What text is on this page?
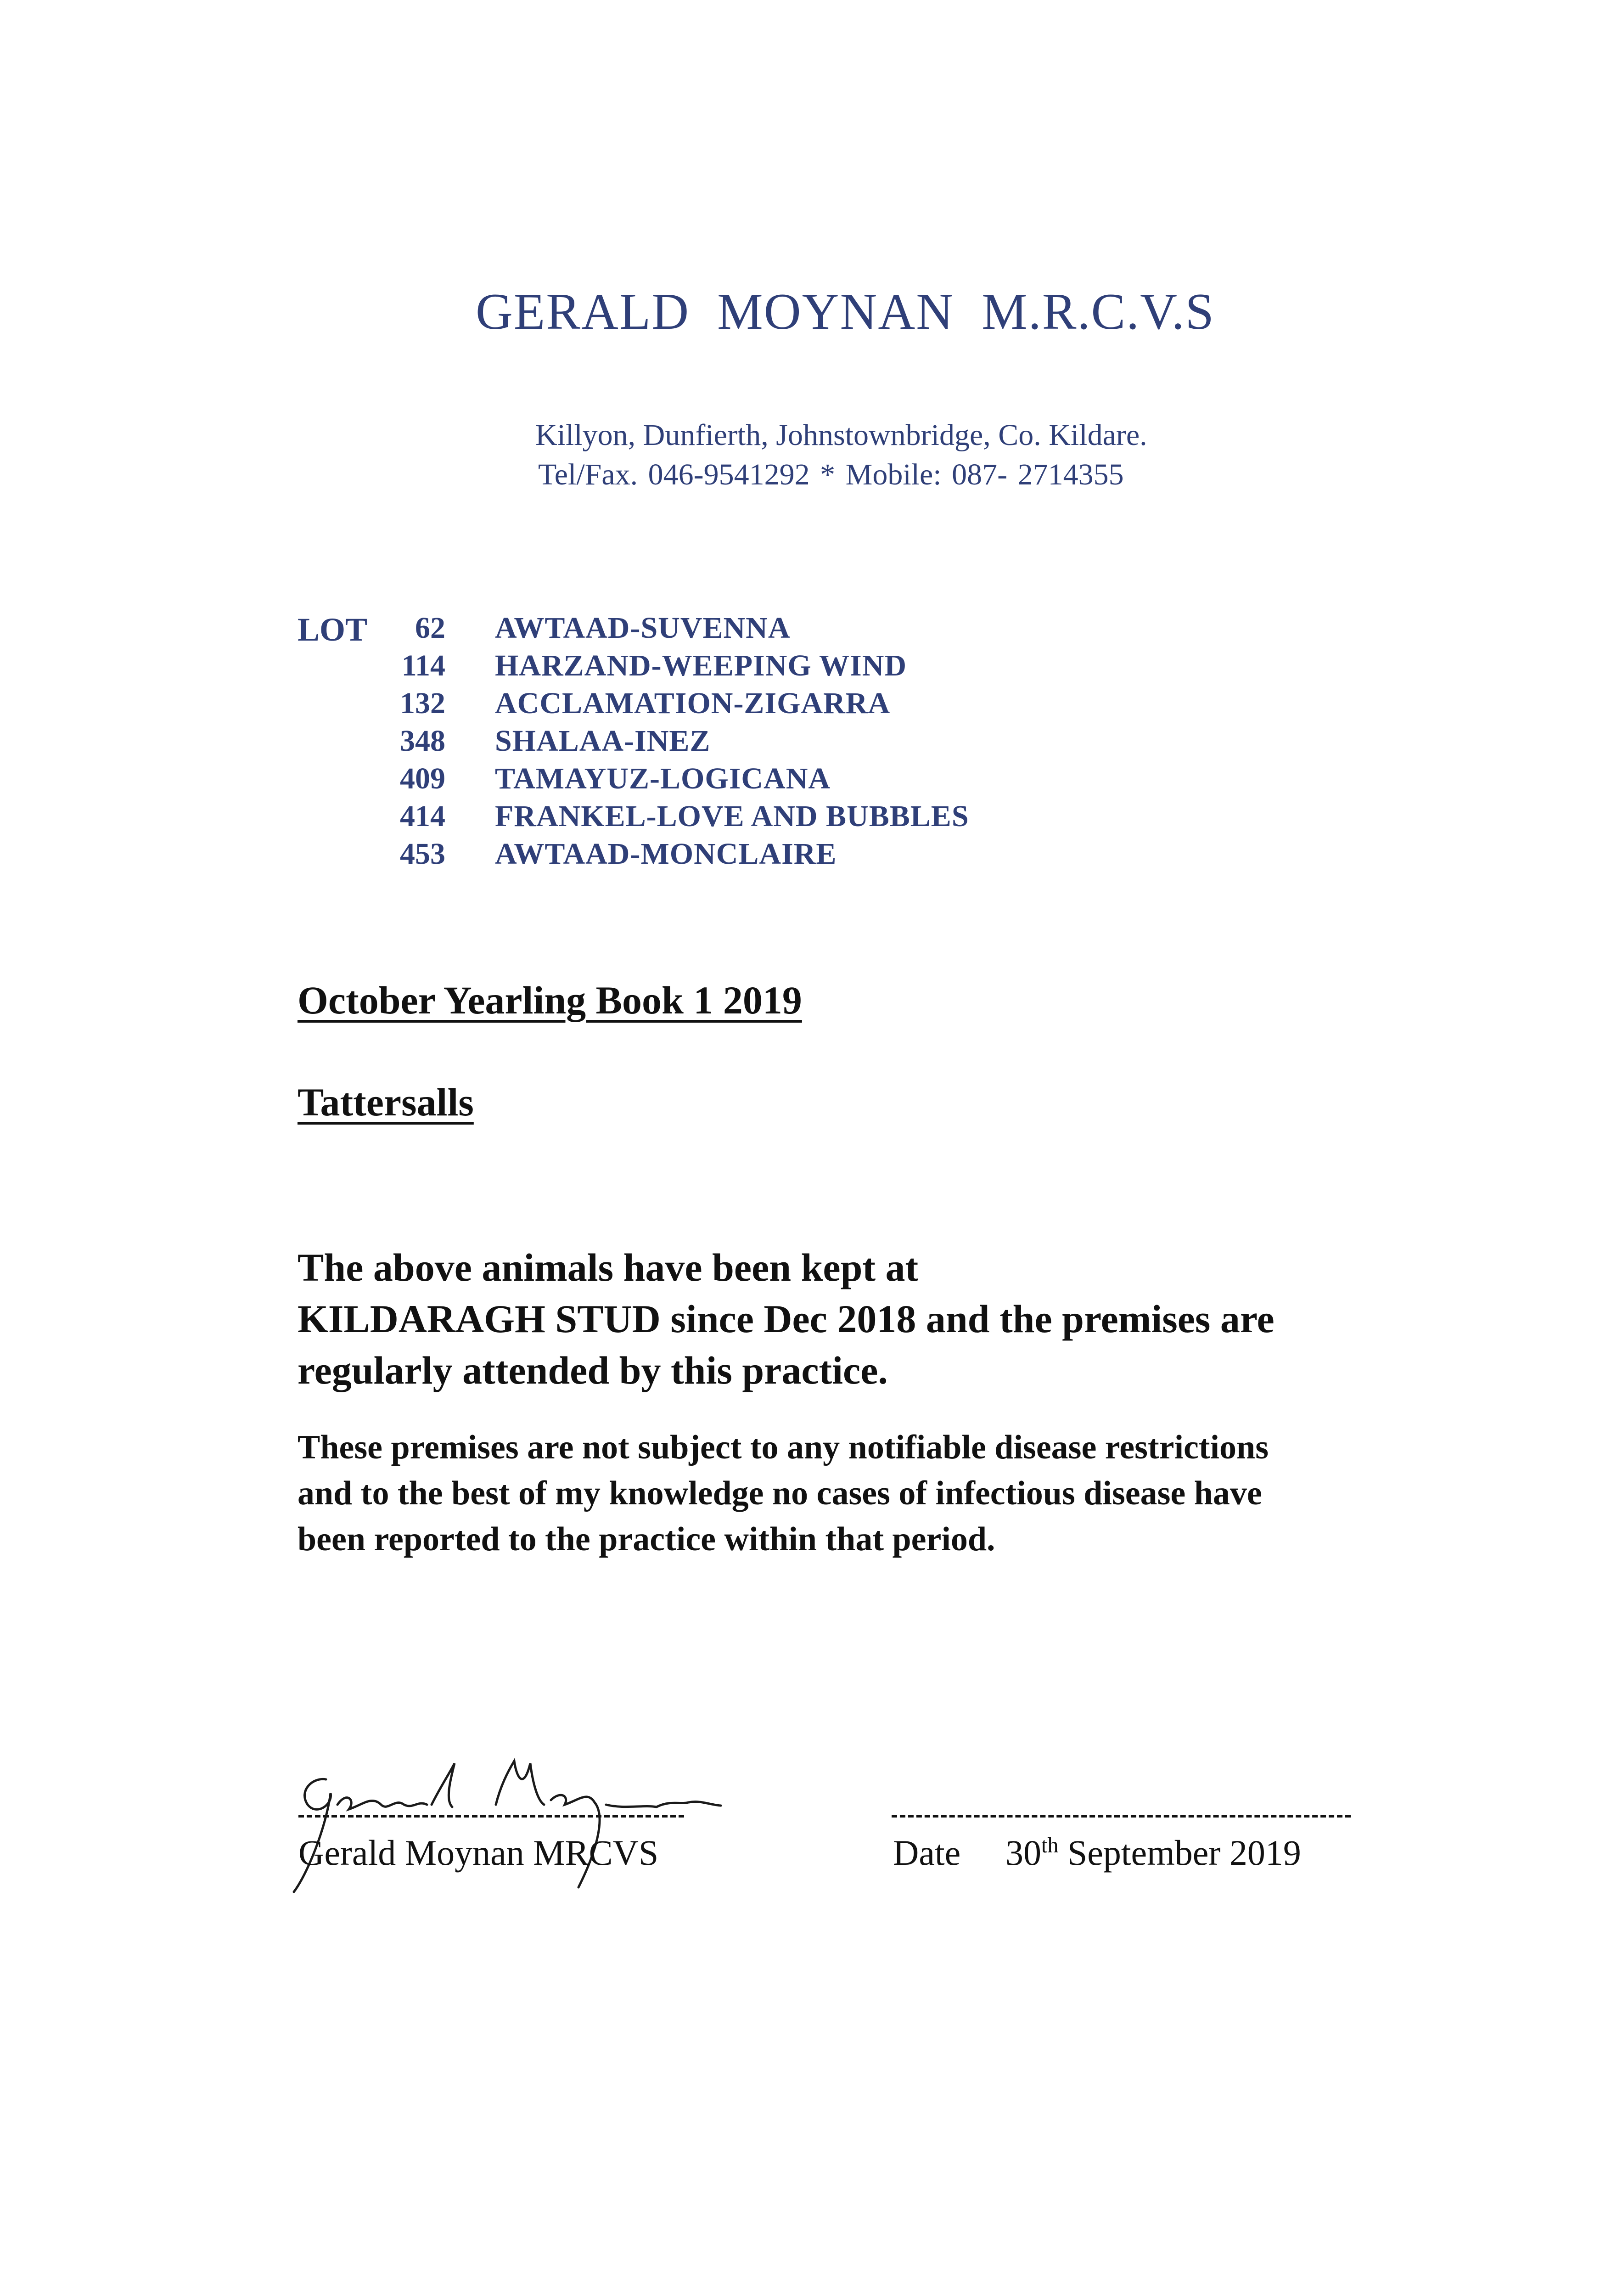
GERALD MOYNAN M.R.C.V.S
Killyon, Dunfierth, Johnstownbridge, Co. Kildare.
Tel/Fax. 046-9541292 * Mobile: 087- 2714355
LOT	62 AWTAAD-SUVENNA
114 HARZAND-WEEPING WIND
132 ACCLAMATION-ZIGARRA
348 SHALAA-INEZ
409 TAMAYUZ-LOGICANA
414 FRANKEL-LOVE AND BUBBLES
453 AWTAAD-MONCLAIRE
October Yearling Book 1 2019
Tattersalls
The above animals have been kept at
KILDARAGH STUD since Dec 2018 and the premises are
regularly attended by this practice.
These premises are not subject to any notifiable disease restrictions
and to the best of my knowledge no cases of infectious disease have
been reported to the practice within that period.
Gerald Moynan MRCVS	Date 30th September 2019
